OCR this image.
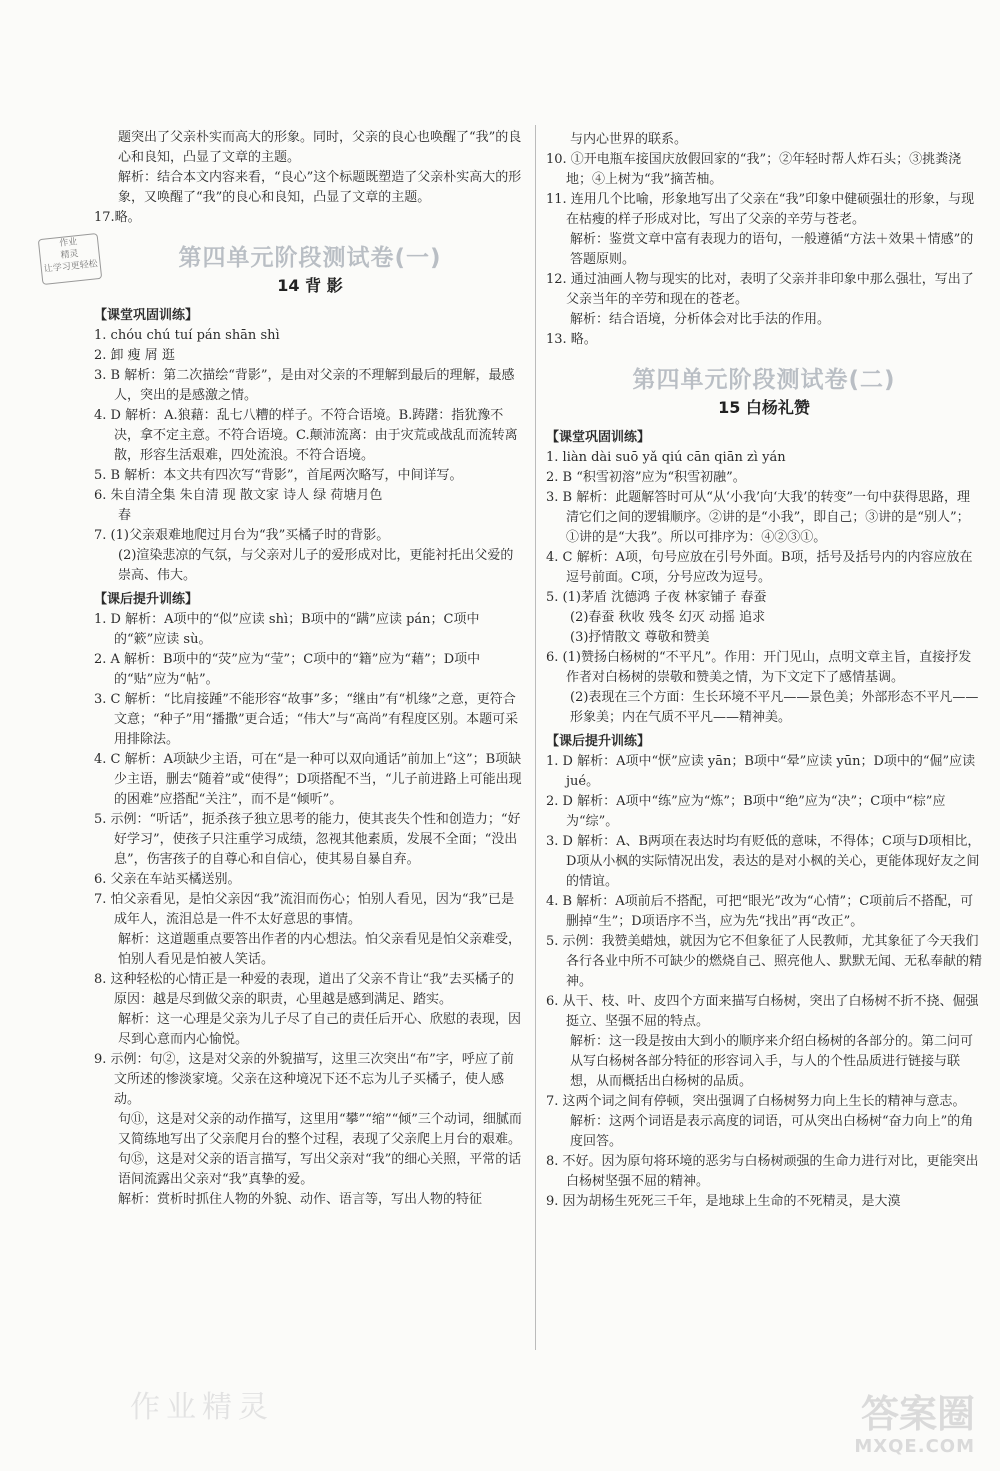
作业
精灵
让学习更轻松

题突出了父亲朴实而高大的形象。同时，父亲的良心也唤醒了“我”的良心和良知，凸显了文章的主题。

解析：结合本文内容来看，“良心”这个标题既塑造了父亲朴实高大的形象，又唤醒了“我”的良心和良知，凸显了文章的主题。

17.略。

第四单元阶段测试卷(一)
14 背 影

【课堂巩固训练】

1. chóu chú tuí pán shān shì

2. 卸 瘦 屑 逛

3. B 解析：第二次描绘“背影”，是由对父亲的不理解到最后的理解，最感人，突出的是感激之情。

4. D 解析：A.狼藉：乱七八糟的样子。不符合语境。B.踌躇：指犹豫不决，拿不定主意。不符合语境。C.颠沛流离：由于灾荒或战乱而流转离散，形容生活艰难，四处流浪。不符合语境。

5. B 解析：本文共有四次写“背影”，首尾两次略写，中间详写。

6. 朱自清全集 朱自清 现 散文家 诗人 绿 荷塘月色

春

7. (1)父亲艰难地爬过月台为“我”买橘子时的背影。

(2)渲染悲凉的气氛，与父亲对儿子的爱形成对比，更能衬托出父爱的崇高、伟大。

【课后提升训练】

1. D 解析：A项中的“似”应读 shì；B项中的“蹒”应读 pán；C项中的“簌”应读 sù。

2. A 解析：B项中的“荧”应为“莹”；C项中的“籍”应为“藉”；D项中的“贴”应为“帖”。

3. C 解析：“比肩接踵”不能形容“故事”多；“继由”有“机缘”之意，更符合文意；“种子”用“播撒”更合适；“伟大”与“高尚”有程度区别。本题可采用排除法。

4. C 解析：A项缺少主语，可在“是一种可以双向通话”前加上“这”；B项缺少主语，删去“随着”或“使得”；D项搭配不当，“儿子前进路上可能出现的困难”应搭配“关注”，而不是“倾听”。

5. 示例：“听话”，扼杀孩子独立思考的能力，使其丧失个性和创造力；“好好学习”，使孩子只注重学习成绩，忽视其他素质，发展不全面；“没出息”，伤害孩子的自尊心和自信心，使其易自暴自弃。

6. 父亲在车站买橘送别。

7. 怕父亲看见，是怕父亲因“我”流泪而伤心；怕别人看见，因为“我”已是成年人，流泪总是一件不太好意思的事情。

解析：这道题重点要答出作者的内心想法。怕父亲看见是怕父亲难受，怕别人看见是怕被人笑话。

8. 这种轻松的心情正是一种爱的表现，道出了父亲不肯让“我”去买橘子的原因：越是尽到做父亲的职责，心里越是感到满足、踏实。

解析：这一心理是父亲为儿子尽了自己的责任后开心、欣慰的表现，因尽到心意而内心愉悦。

9. 示例：句②，这是对父亲的外貌描写，这里三次突出“布”字，呼应了前文所述的惨淡家境。父亲在这种境况下还不忘为儿子买橘子，使人感动。

句⑪，这是对父亲的动作描写，这里用“攀”“缩”“倾”三个动词，细腻而又简练地写出了父亲爬月台的整个过程，表现了父亲爬上月台的艰难。

句⑮，这是对父亲的语言描写，写出父亲对“我”的细心关照，平常的话语间流露出父亲对“我”真挚的爱。

解析：赏析时抓住人物的外貌、动作、语言等，写出人物的特征

与内心世界的联系。

10. ①开电瓶车接国庆放假回家的“我”；②年轻时帮人炸石头；③挑粪浇地；④上树为“我”摘苦柚。

11. 连用几个比喻，形象地写出了父亲在“我”印象中健硕强壮的形象，与现在枯瘦的样子形成对比，写出了父亲的辛劳与苍老。

解析：鉴赏文章中富有表现力的语句，一般遵循“方法＋效果＋情感”的答题原则。

12. 通过油画人物与现实的比对，表明了父亲并非印象中那么强壮，写出了父亲当年的辛劳和现在的苍老。

解析：结合语境，分析体会对比手法的作用。

13. 略。

第四单元阶段测试卷(二)
15 白杨礼赞

【课堂巩固训练】

1. liàn dài suō yǎ qiú cān qiān zì yán

2. B “积雪初溶”应为“积雪初融”。

3. B 解析：此题解答时可从“从‘小我’向‘大我’的转变”一句中获得思路，理清它们之间的逻辑顺序。②讲的是“小我”，即自己；③讲的是“别人”；①讲的是“大我”。所以可排序为：④②③①。

4. C 解析：A项，句号应放在引号外面。B项，括号及括号内的内容应放在逗号前面。C项，分号应改为逗号。

5. (1)茅盾 沈德鸿 子夜 林家铺子 春蚕

(2)春蚕 秋收 残冬 幻灭 动摇 追求

(3)抒情散文 尊敬和赞美

6. (1)赞扬白杨树的“不平凡”。作用：开门见山，点明文章主旨，直接抒发作者对白杨树的崇敬和赞美之情，为下文定下了感情基调。

(2)表现在三个方面：生长环境不平凡——景色美；外部形态不平凡——形象美；内在气质不平凡——精神美。

【课后提升训练】

1. D 解析：A项中“恹”应读 yān；B项中“晕”应读 yūn；D项中的“倔”应读 jué。

2. D 解析：A项中“练”应为“炼”；B项中“绝”应为“决”；C项中“棕”应为“综”。

3. D 解析：A、B两项在表达时均有贬低的意味，不得体；C项与D项相比，D项从小枫的实际情况出发，表达的是对小枫的关心，更能体现好友之间的情谊。

4. B 解析：A项前后不搭配，可把“眼光”改为“心情”；C项前后不搭配，可删掉“生”；D项语序不当，应为先“找出”再“改正”。

5. 示例：我赞美蜡烛，就因为它不但象征了人民教师，尤其象征了今天我们各行各业中所不可缺少的燃烧自己、照亮他人、默默无闻、无私奉献的精神。

6. 从干、枝、叶、皮四个方面来描写白杨树，突出了白杨树不折不挠、倔强挺立、坚强不屈的特点。

解析：这一段是按由大到小的顺序来介绍白杨树的各部分的。第二问可从写白杨树各部分特征的形容词入手，与人的个性品质进行链接与联想，从而概括出白杨树的品质。

7. 这两个词之间有停顿，突出强调了白杨树努力向上生长的精神与意志。

解析：这两个词语是表示高度的词语，可从突出白杨树“奋力向上”的角度回答。

8. 不好。因为原句将环境的恶劣与白杨树顽强的生命力进行对比，更能突出白杨树坚强不屈的精神。

9. 因为胡杨生死死三千年，是地球上生命的不死精灵，是大漠

作业精灵	答案圈
MXQE.COM
